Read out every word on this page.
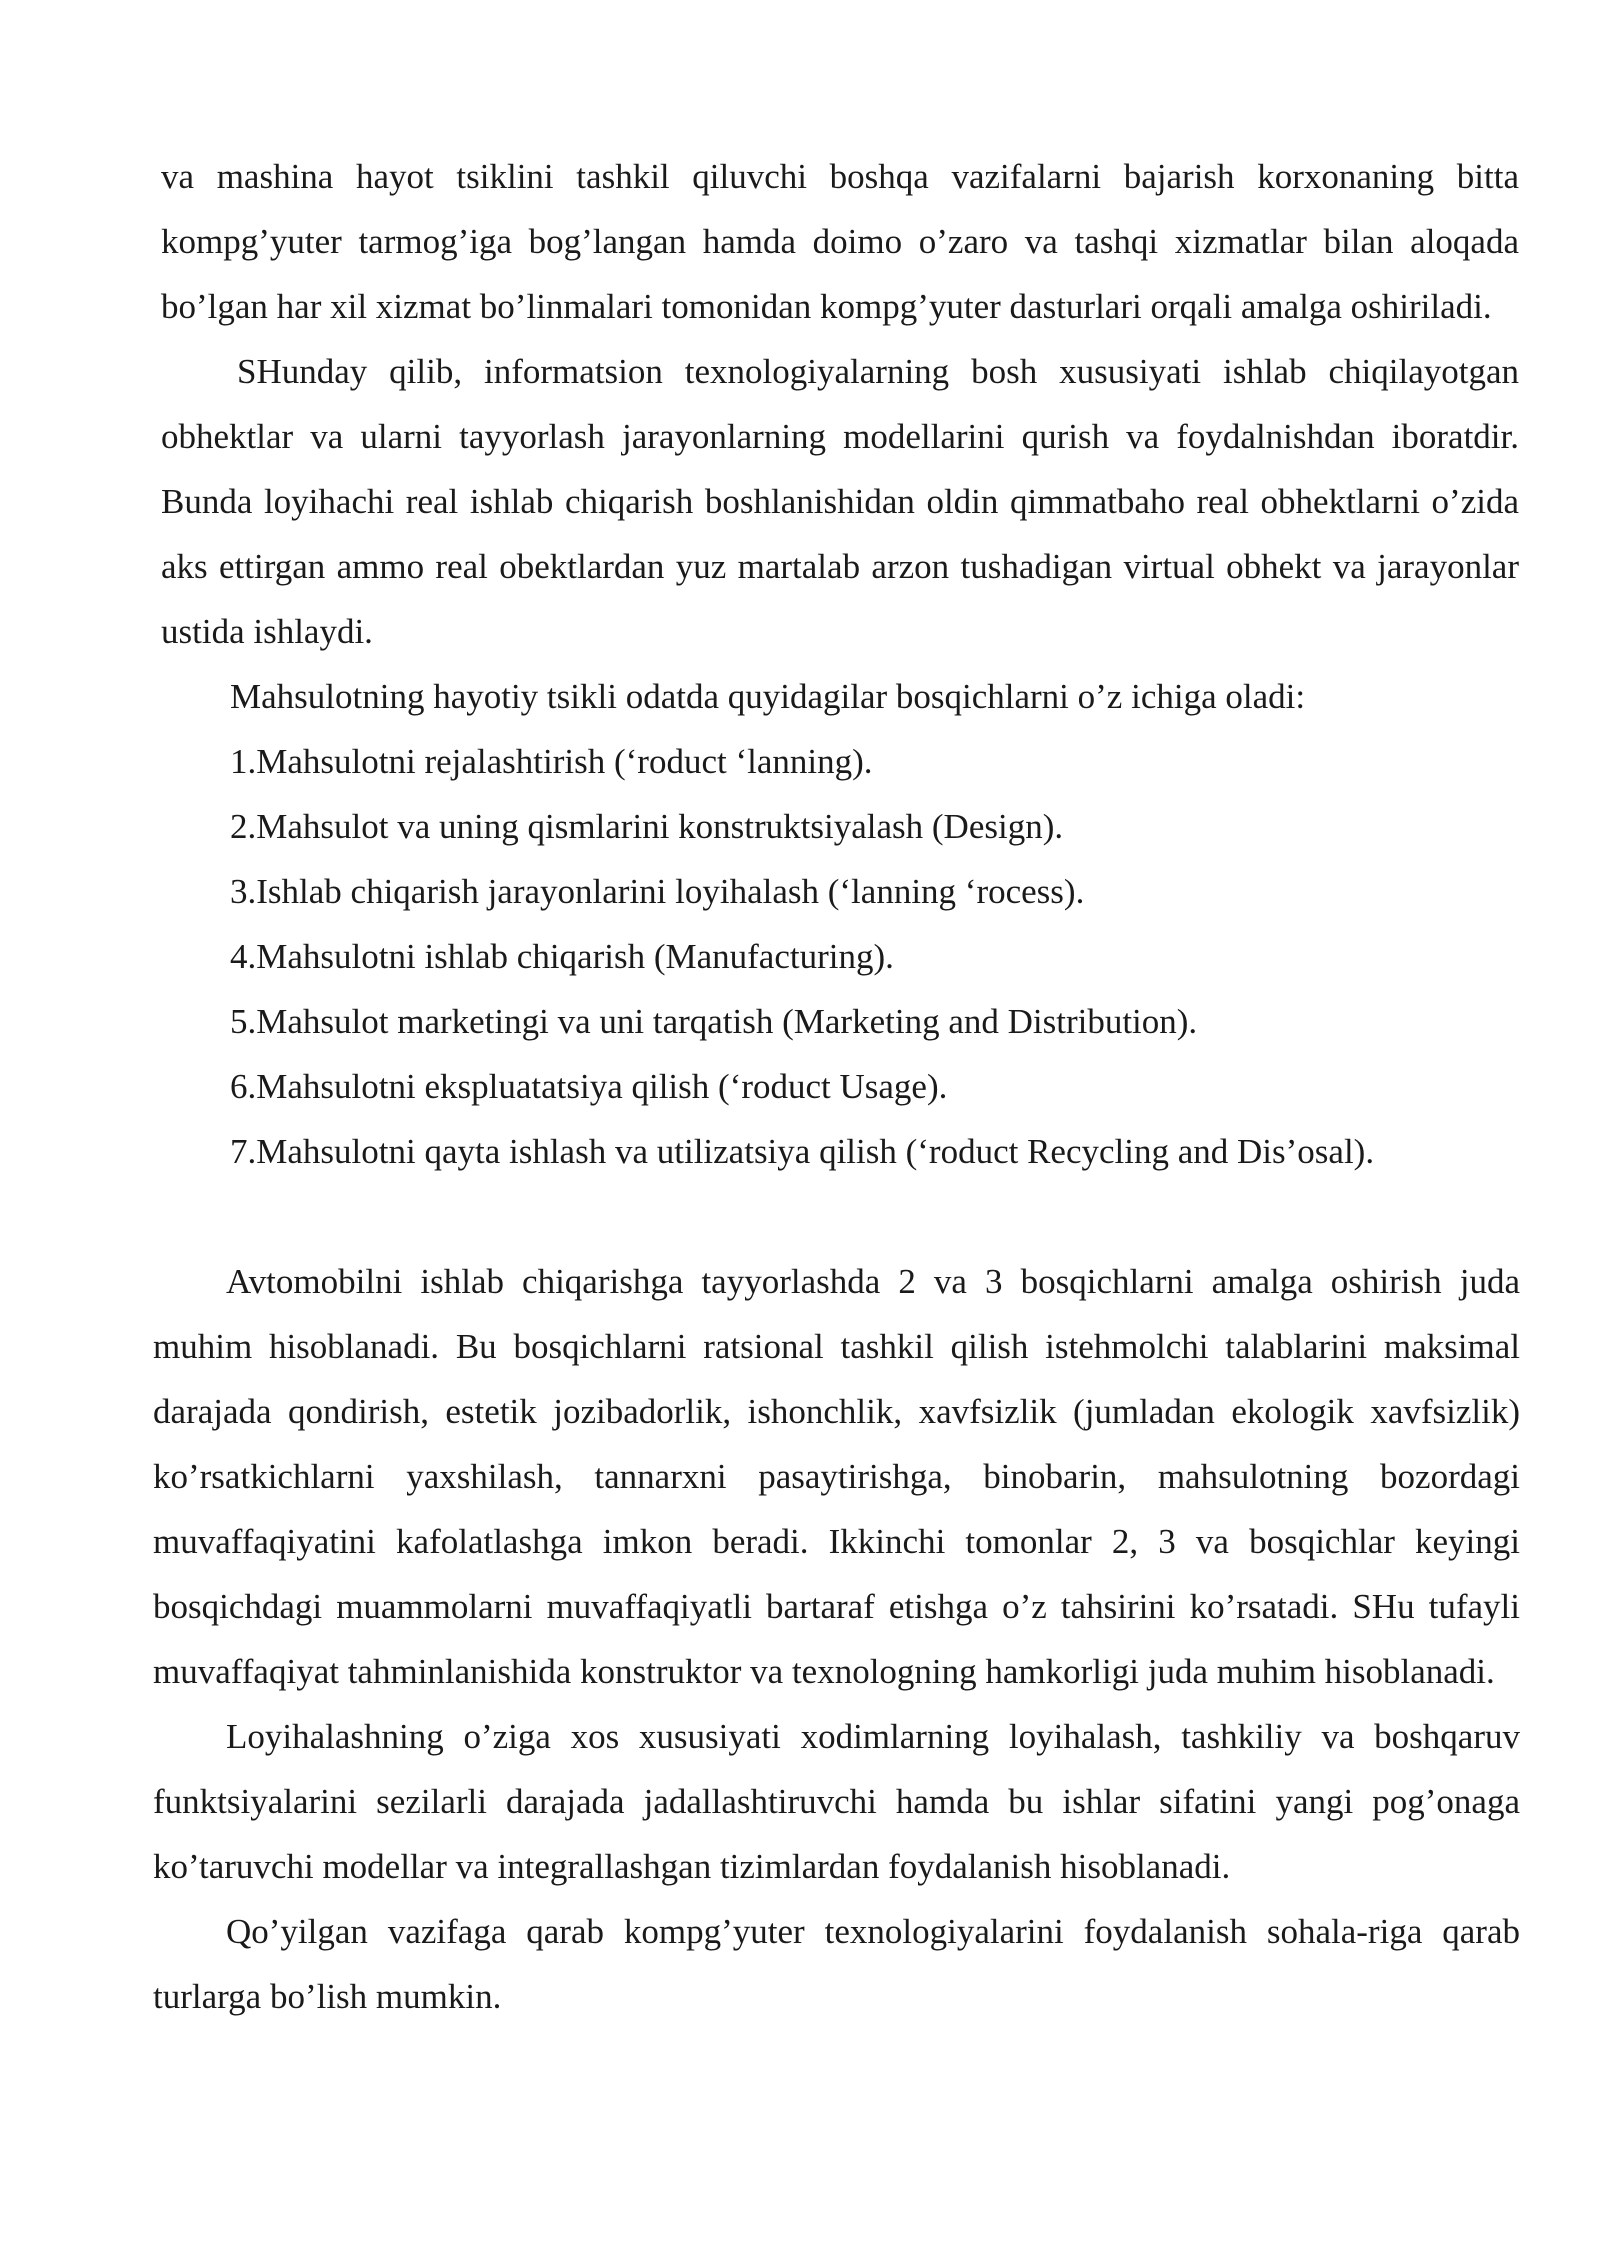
va mashina hayot tsiklini tashkil qiluvchi boshqa vazifalarni bajarish korxonaning bitta kompg’yuter tarmog’iga bog’langan hamda doimo o’zaro va tashqi xizmatlar bilan aloqada bo’lgan har xil xizmat bo’linmalari tomonidan kompg’yuter dasturlari orqali amalga oshiriladi.

SHunday qilib, informatsion texnologiyalarning bosh xususiyati ishlab chiqilayotgan obhektlar va ularni tayyorlash jarayonlarning modellarini qurish va foydalnishdan iboratdir. Bunda loyihachi real ishlab chiqarish boshlanishidan oldin qimmatbaho real obhektlarni o’zida aks ettirgan ammo real obektlardan yuz martalab arzon tushadigan virtual obhekt va jarayonlar ustida ishlaydi.

Mahsulotning hayotiy tsikli odatda quyidagilar bosqichlarni o’z ichiga oladi:

1.Mahsulotni rejalashtirish (‘roduct ‘lanning).

2.Mahsulot va uning qismlarini konstruktsiyalash (Design).

3.Ishlab chiqarish jarayonlarini loyihalash (‘lanning ‘rocess).

4.Mahsulotni ishlab chiqarish (Manufacturing).

5.Mahsulot marketingi va uni tarqatish (Marketing and Distribution).

6.Mahsulotni ekspluatatsiya qilish (‘roduct Usage).

7.Mahsulotni qayta ishlash va utilizatsiya qilish (‘roduct Recycling and Dis’osal).

Avtomobilni ishlab chiqarishga tayyorlashda 2 va 3 bosqichlarni amalga oshirish juda muhim hisoblanadi. Bu bosqichlarni ratsional tashkil qilish istehmolchi talablarini maksimal darajada qondirish, estetik jozibadorlik, ishonchlik, xavfsizlik (jumladan ekologik xavfsizlik) ko’rsatkichlarni yaxshilash, tannarxni pasaytirishga, binobarin, mahsulotning bozordagi muvaffaqiyatini kafolatlashga imkon beradi. Ikkinchi tomonlar 2, 3 va bosqichlar keyingi bosqichdagi muammolarni muvaffaqiyatli bartaraf etishga o’z tahsirini ko’rsatadi. SHu tufayli muvaffaqiyat tahminlanishida konstruktor va texnologning hamkorligi juda muhim hisoblanadi.

Loyihalashning o’ziga xos xususiyati xodimlarning loyihalash, tashkiliy va boshqaruv funktsiyalarini sezilarli darajada jadallashtiruvchi hamda bu ishlar sifatini yangi pog’onaga ko’taruvchi modellar va integrallashgan tizimlardan foydalanish hisoblanadi.

Qo’yilgan vazifaga qarab kompg’yuter texnologiyalarini foydalanish sohala-riga qarab turlarga bo’lish mumkin.
